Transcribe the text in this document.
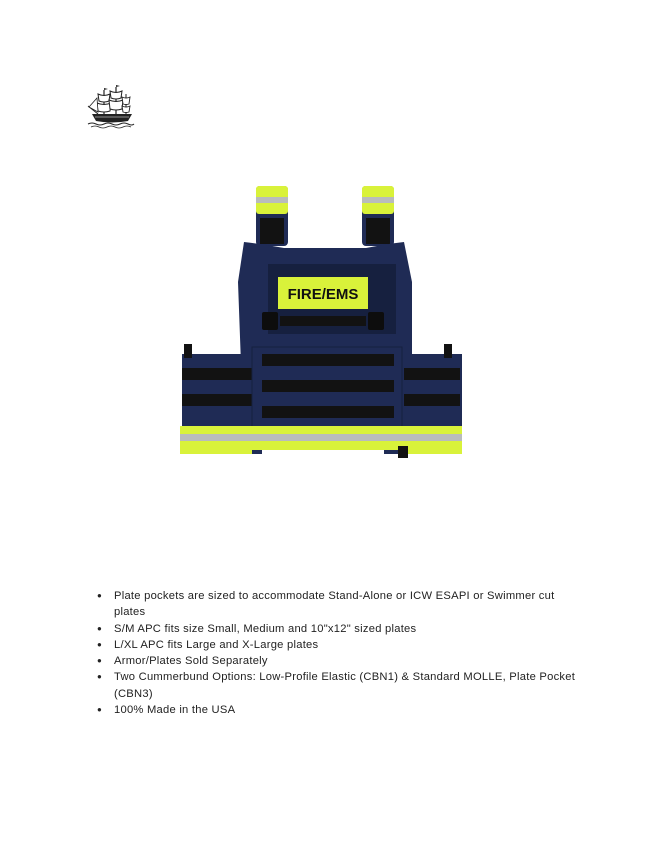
FIRE/EMS
● Plate pockets are sized to accommodate Stand-Alone or ICW ESAPI or Swimmer cut plates
● S/M APC fits size Small, Medium and 10"x12" sized plates
● L/XL APC fits Large and X-Large plates
● Armor/Plates Sold Separately
● Two Cummerbund Options: Low-Profile Elastic (CBN1) & Standard MOLLE, Plate Pocket (CBN3)
● 100% Made in the USA
